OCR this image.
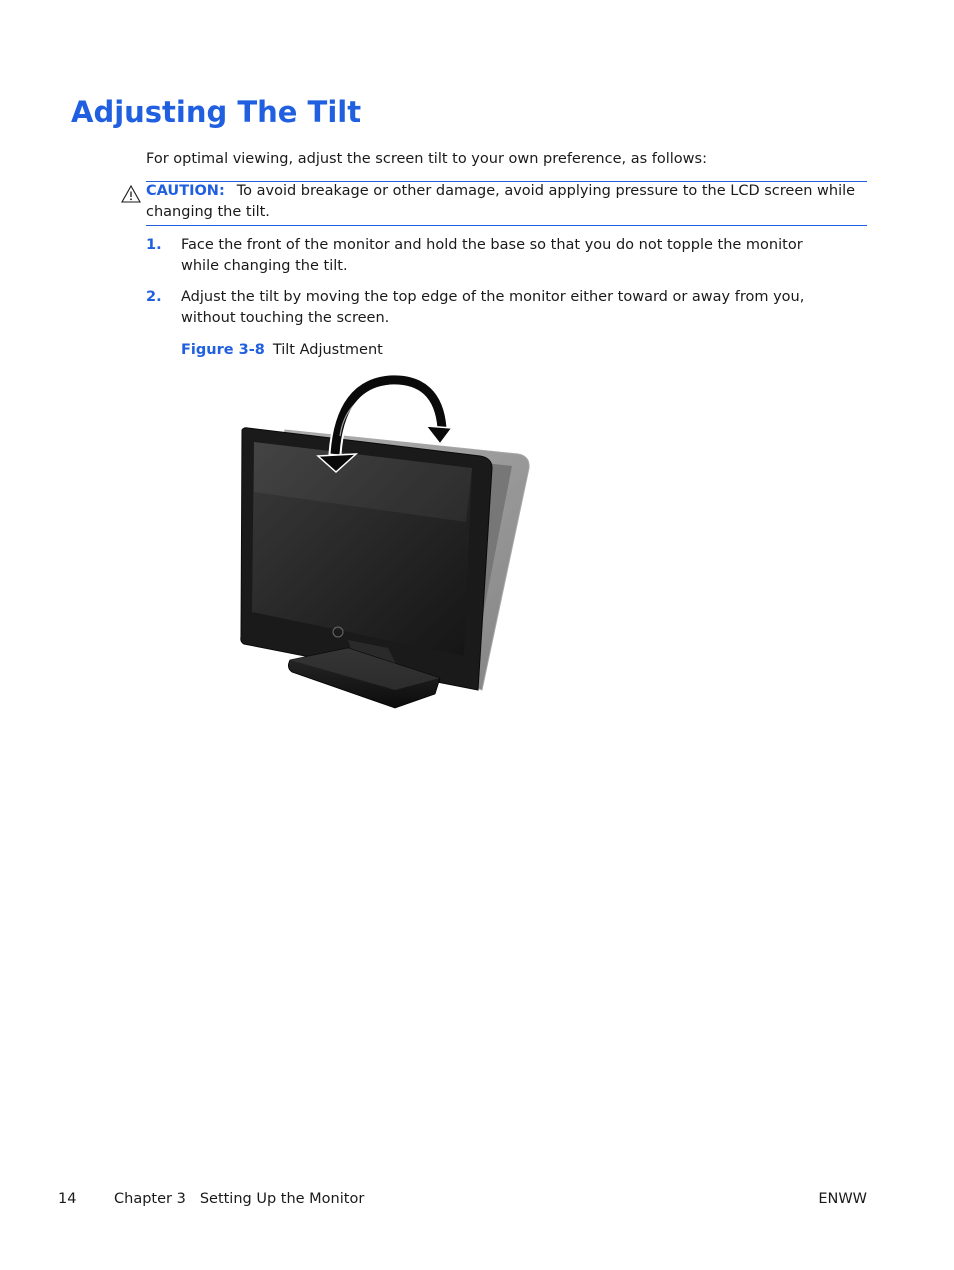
Adjusting The Tilt

For optimal viewing, adjust the screen tilt to your own preference, as follows:

CAUTION: To avoid breakage or other damage, avoid applying pressure to the LCD screen while changing the tilt.

1. Face the front of the monitor and hold the base so that you do not topple the monitor while changing the tilt.

2. Adjust the tilt by moving the top edge of the monitor either toward or away from you, without touching the screen.

Figure 3-8 Tilt Adjustment
14	Chapter 3 Setting Up the Monitor	ENWW
